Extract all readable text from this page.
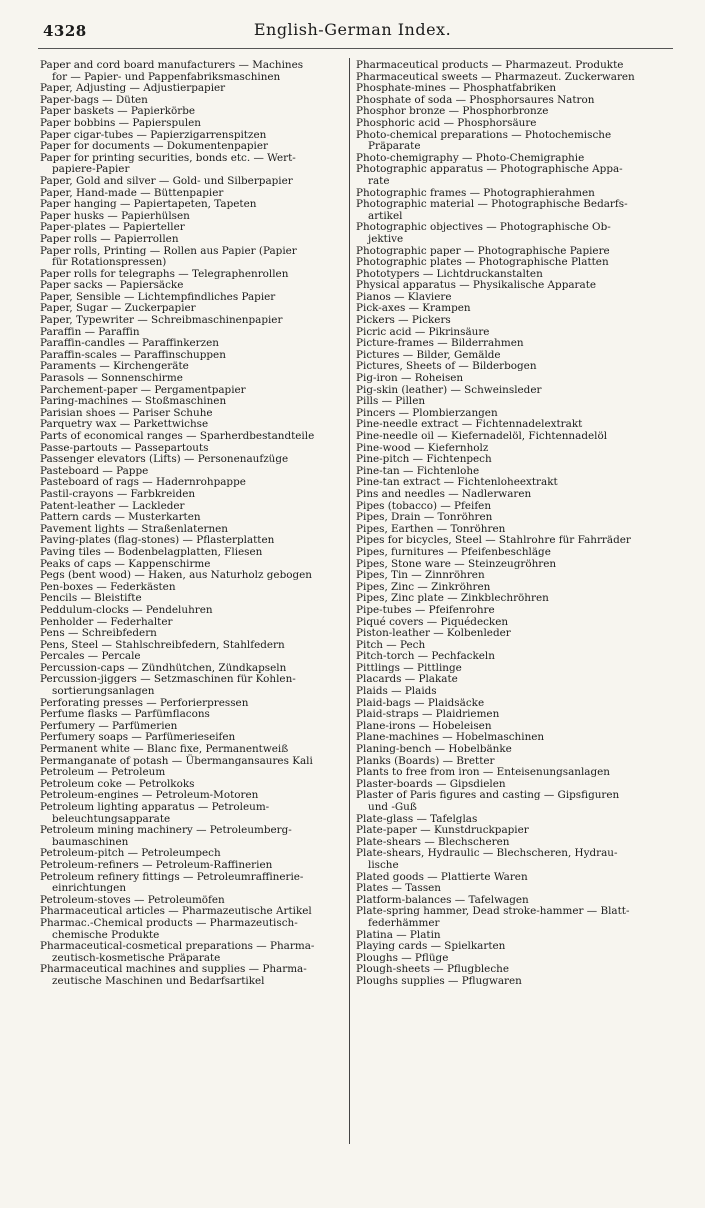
4328	English-German Index.
Paper and cord board manufacturers — Machines
for — Papier- und Pappenfabriksmaschinen
Paper, Adjusting — Adjustierpapier
Paper-bags — Düten
Paper baskets — Papierkörbe
Paper bobbins — Papierspulen
Paper cigar-tubes — Papierzigarrenspitzen
Paper for documents — Dokumentenpapier
Paper for printing securities, bonds etc. — Wert-
papiere-Papier
Paper, Gold and silver — Gold- und Silberpapier
Paper, Hand-made — Büttenpapier
Paper hanging — Papiertapeten, Tapeten
Paper husks — Papierhülsen
Paper-plates — Papierteller
Paper rolls — Papierrollen
Paper rolls, Printing — Rollen aus Papier (Papier
für Rotationspressen)
Paper rolls for telegraphs — Telegraphenrollen
Paper sacks — Papiersäcke
Paper, Sensible — Lichtempfindliches Papier
Paper, Sugar — Zuckerpapier
Paper, Typewriter — Schreibmaschinenpapier
Paraffin — Paraffin
Paraffin-candles — Paraffinkerzen
Paraffin-scales — Paraffinschuppen
Paraments — Kirchengeräte
Parasols — Sonnenschirme
Parchement-paper — Pergamentpapier
Paring-machines — Stoßmaschinen
Parisian shoes — Pariser Schuhe
Parquetry wax — Parkettwichse
Parts of economical ranges — Sparherdbestandteile
Passe-partouts — Passepartouts
Passenger elevators (Lifts) — Personenaufzüge
Pasteboard — Pappe
Pasteboard of rags — Hadernrohpappe
Pastil-crayons — Farbkreiden
Patent-leather — Lackleder
Pattern cards — Musterkarten
Pavement lights — Straßenlaternen
Paving-plates (flag-stones) — Pflasterplatten
Paving tiles — Bodenbelagplatten, Fliesen
Peaks of caps — Kappenschirme
Pegs (bent wood) — Haken, aus Naturholz gebogen
Pen-boxes — Federkästen
Pencils — Bleistifte
Peddulum-clocks — Pendeluhren
Penholder — Federhalter
Pens — Schreibfedern
Pens, Steel — Stahlschreibfedern, Stahlfedern
Percales — Percale
Percussion-caps — Zündhütchen, Zündkapseln
Percussion-jiggers — Setzmaschinen für Kohlen-
sortierungsanlagen
Perforating presses — Perforierpressen
Perfume flasks — Parfümflacons
Perfumery — Parfümerien
Perfumery soaps — Parfümerieseifen
Permanent white — Blanc fixe, Permanentweiß
Permanganate of potash — Übermangansaures Kali
Petroleum — Petroleum
Petroleum coke — Petrolkoks
Petroleum-engines — Petroleum-Motoren
Petroleum lighting apparatus — Petroleum-
beleuchtungsapparate
Petroleum mining machinery — Petroleumberg-
baumaschinen
Petroleum-pitch — Petroleumpech
Petroleum-refiners — Petroleum-Raffinerien
Petroleum refinery fittings — Petroleumraffinerie-
einrichtungen
Petroleum-stoves — Petroleumöfen
Pharmaceutical articles — Pharmazeutische Artikel
Pharmac.-Chemical products — Pharmazeutisch-
chemische Produkte
Pharmaceutical-cosmetical preparations — Pharma-
zeutisch-kosmetische Präparate
Pharmaceutical machines and supplies — Pharma-
zeutische Maschinen und Bedarfsartikel
Pharmaceutical products — Pharmazeut. Produkte
Pharmaceutical sweets — Pharmazeut. Zuckerwaren
Phosphate-mines — Phosphatfabriken
Phosphate of soda — Phosphorsaures Natron
Phosphor bronze — Phosphorbronze
Phosphoric acid — Phosphorsäure
Photo-chemical preparations — Photochemische
Präparate
Photo-chemigraphy — Photo-Chemigraphie
Photographic apparatus — Photographische Appa-
rate
Photographic frames — Photographierahmen
Photographic material — Photographische Bedarfs-
artikel
Photographic objectives — Photographische Ob-
jektive
Photographic paper — Photographische Papiere
Photographic plates — Photographische Platten
Phototypers — Lichtdruckanstalten
Physical apparatus — Physikalische Apparate
Pianos — Klaviere
Pick-axes — Krampen
Pickers — Pickers
Picric acid — Pikrinsäure
Picture-frames — Bilderrahmen
Pictures — Bilder, Gemälde
Pictures, Sheets of — Bilderbogen
Pig-iron — Roheisen
Pig-skin (leather) — Schweinsleder
Pills — Pillen
Pincers — Plombierzangen
Pine-needle extract — Fichtennadelextrakt
Pine-needle oil — Kiefernadelöl, Fichtennadelöl
Pine-wood — Kiefernholz
Pine-pitch — Fichtenpech
Pine-tan — Fichtenlohe
Pine-tan extract — Fichtenloheextrakt
Pins and needles — Nadlerwaren
Pipes (tobacco) — Pfeifen
Pipes, Drain — Tonröhren
Pipes, Earthen — Tonröhren
Pipes for bicycles, Steel — Stahlrohre für Fahrräder
Pipes, furnitures — Pfeifenbeschläge
Pipes, Stone ware — Steinzeugröhren
Pipes, Tin — Zinnröhren
Pipes, Zinc — Zinkröhren
Pipes, Zinc plate — Zinkblechröhren
Pipe-tubes — Pfeifenrohre
Piqué covers — Piquédecken
Piston-leather — Kolbenleder
Pitch — Pech
Pitch-torch — Pechfackeln
Pittlings — Pittlinge
Placards — Plakate
Plaids — Plaids
Plaid-bags — Plaidsäcke
Plaid-straps — Plaidriemen
Plane-irons — Hobeleisen
Plane-machines — Hobelmaschinen
Planing-bench — Hobelbänke
Planks (Boards) — Bretter
Plants to free from iron — Enteisenungsanlagen
Plaster-boards — Gipsdielen
Plaster of Paris figures and casting — Gipsfiguren
und -Guß
Plate-glass — Tafelglas
Plate-paper — Kunstdruckpapier
Plate-shears — Blechscheren
Plate-shears, Hydraulic — Blechscheren, Hydrau-
lische
Plated goods — Plattierte Waren
Plates — Tassen
Platform-balances — Tafelwagen
Plate-spring hammer, Dead stroke-hammer — Blatt-
federhämmer
Platina — Platin
Playing cards — Spielkarten
Ploughs — Pflüge
Plough-sheets — Pflugbleche
Ploughs supplies — Pflugwaren
